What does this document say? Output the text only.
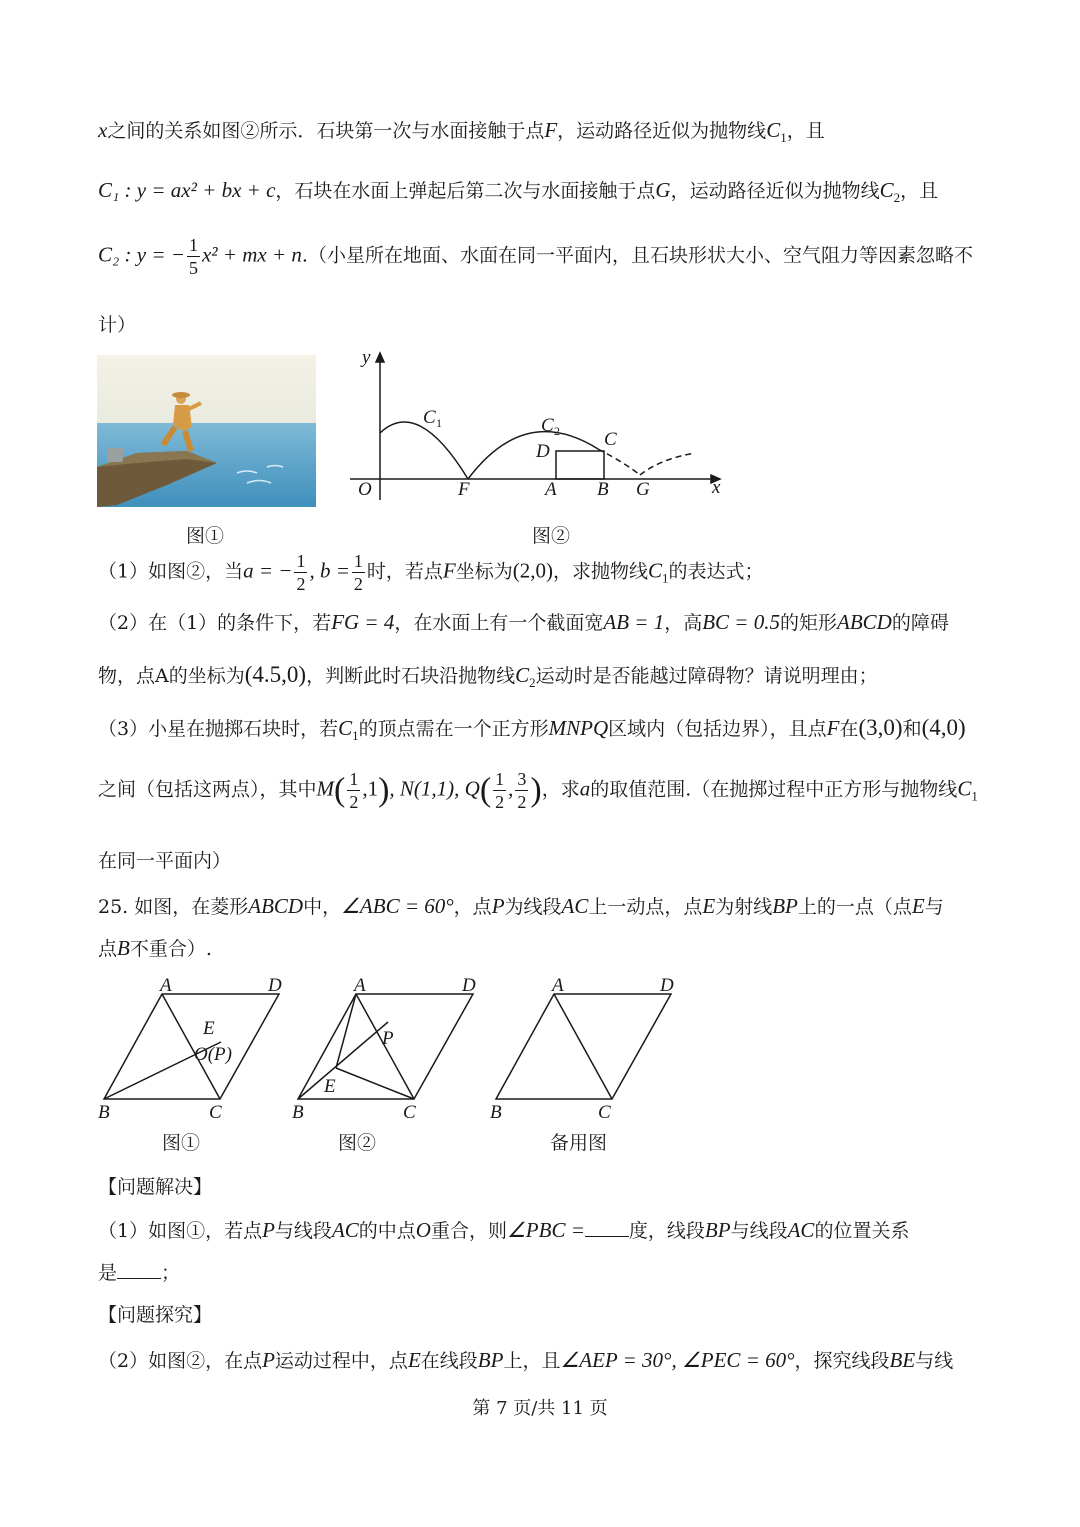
x之间的关系如图②所示．石块第一次与水面接触于点F，运动路径近似为抛物线$C_1$，且
C₁ : y = ax² + bx + c，石块在水面上弹起后第二次与水面接触于点G，运动路径近似为抛物线$C_2$，且
C₂ : y = − $\frac{1}{5} x^2$ + mx + n.（小星所在地面、水面在同一平面内，且石块形状大小、空气阻力等因素忽略不
计）
图①
y
x
O	F	A B G
C 1	C 2 C
D
图②
（1）如图②，当a = − $\frac{1}{2}$ , $b = \frac{1}{2}$ 时，若点F坐标为(2,0)，求抛物线$C_1$的表达式；
（2）在（1）的条件下，若FG = 4，在水面上有一个截面宽AB = 1，高BC = 0.5的矩形ABCD的障碍
物，点A的坐标为(4.5,0)，判断此时石块沿抛物线$C_2$运动时是否能越过障碍物？请说明理由；
（3）小星在抛掷石块时，若$C_1$的顶点需在一个正方形MNPQ区域内（包括边界），且点F在(3,0)和(4,0)
之间（包括这两点），其中$M( \frac{1}{2} ,1)$, N(1,1), $Q( \frac{1}{2}$ , $\frac{3}{2}$ )，求a的取值范围.（在抛掷过程中正方形与抛物线$C_1$
在同一平面内）
25. 如图，在菱形ABCD中，∠ABC = 60°，点P为线段AC上一动点，点E为射线BP上的一点（点E与
点B不重合）.
A	D
B	C
E
O(P)
图①
A	D
B	C
P
E
图②
A	D
B	C
备用图
【问题解决】
（1）如图①，若点P与线段AC的中点O重合，则∠PBC = 度，线段BP与线段AC的位置关系
是 ；
【问题探究】
（2）如图②，在点P运动过程中，点E在线段BP上，且∠AEP = 30°, ∠PEC = 60°，探究线段BE与线
第 7 页/共 11 页
